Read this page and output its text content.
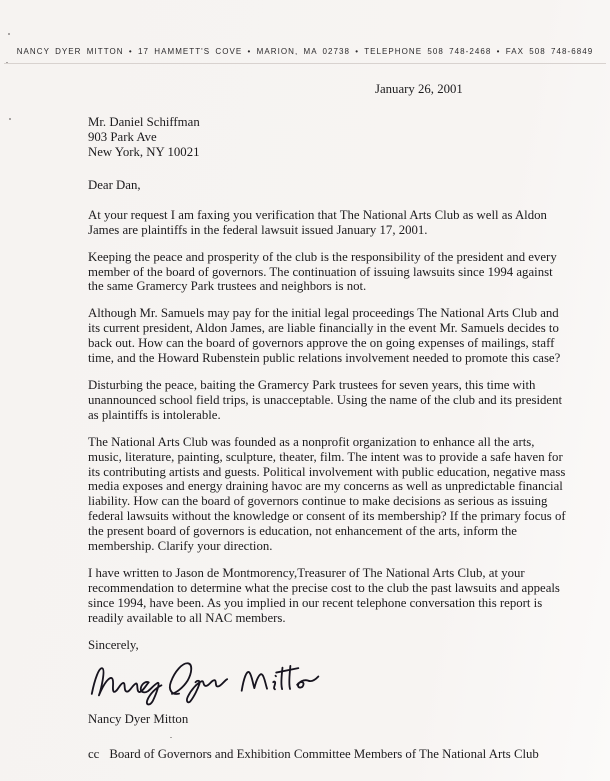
NANCY DYER MITTON • 17 HAMMETT'S COVE • MARION, MA 02738 • TELEPHONE 508 748-2468 • FAX 508 748-6849
January 26, 2001
Mr. Daniel Schiffman
903 Park Ave
New York, NY 10021
Dear Dan,

At your request I am faxing you verification that The National Arts Club as well as Aldon James are plaintiffs in the federal lawsuit issued January 17, 2001.

Keeping the peace and prosperity of the club is the responsibility of the president and every member of the board of governors. The continuation of issuing lawsuits since 1994 against the same Gramercy Park trustees and neighbors is not.

Although Mr. Samuels may pay for the initial legal proceedings The National Arts Club and its current president, Aldon James, are liable financially in the event Mr. Samuels decides to back out. How can the board of governors approve the on going expenses of mailings, staff time, and the Howard Rubenstein public relations involvement needed to promote this case?

Disturbing the peace, baiting the Gramercy Park trustees for seven years, this time with unannounced school field trips, is unacceptable. Using the name of the club and its president as plaintiffs is intolerable.

The National Arts Club was founded as a nonprofit organization to enhance all the arts, music, literature, painting, sculpture, theater, film. The intent was to provide a safe haven for its contributing artists and guests. Political involvement with public education, negative mass media exposes and energy draining havoc are my concerns as well as unpredictable financial liability. How can the board of governors continue to make decisions as serious as issuing federal lawsuits without the knowledge or consent of its membership? If the primary focus of the present board of governors is education, not enhancement of the arts, inform the membership. Clarify your direction.

I have written to Jason de Montmorency,Treasurer of The National Arts Club, at your recommendation to determine what the precise cost to the club the past lawsuits and appeals since 1994, have been. As you implied in our recent telephone conversation this report is readily available to all NAC members.

Sincerely,
Nancy Dyer Mitton
cc Board of Governors and Exhibition Committee Members of The National Arts Club
